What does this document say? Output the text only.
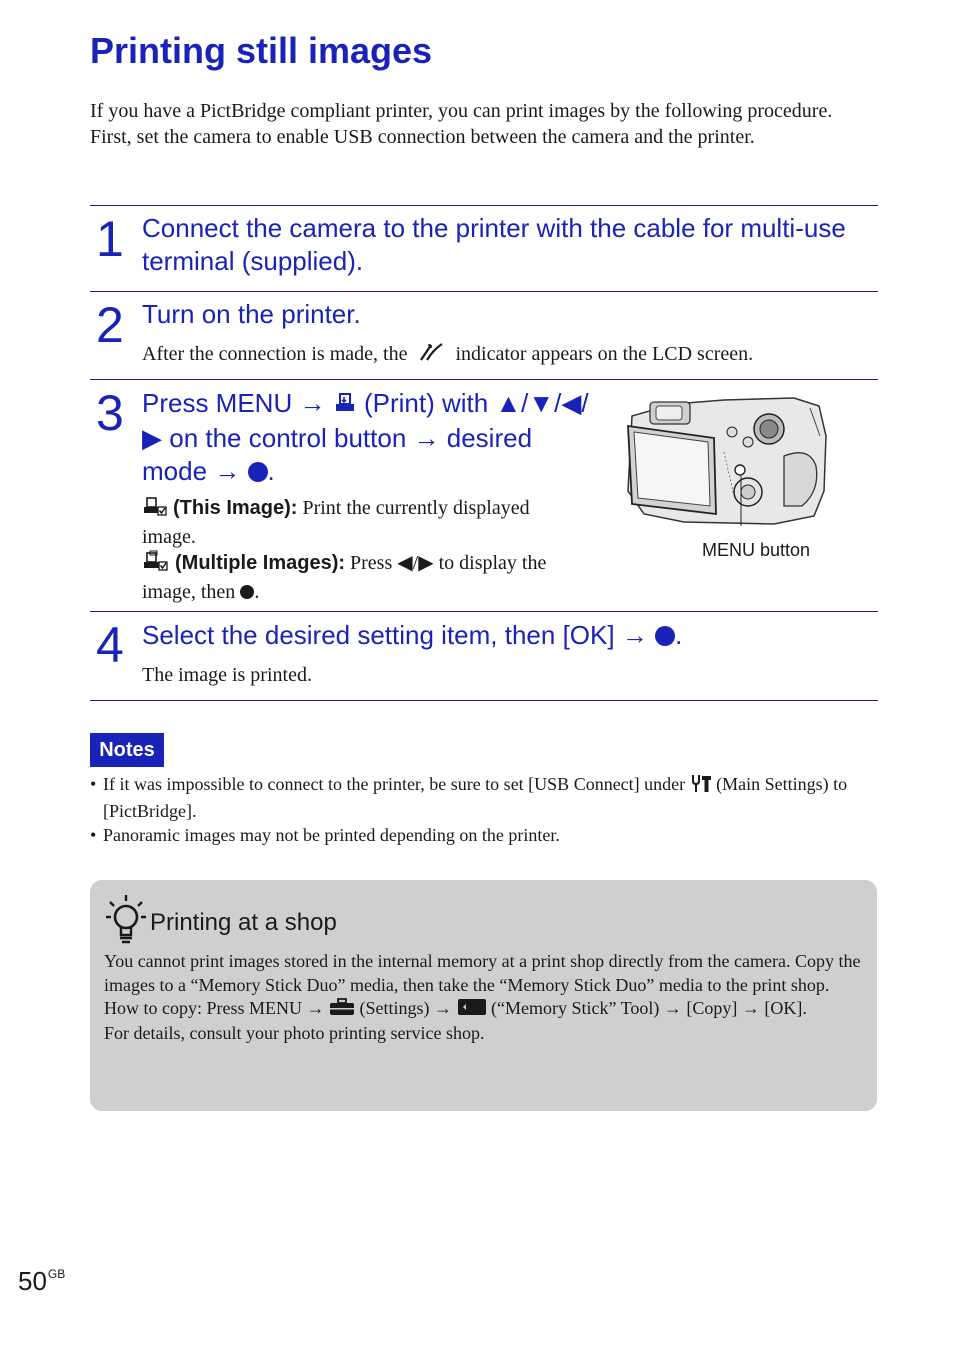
Printing still images

If you have a PictBridge compliant printer, you can print images by the following procedure.

First, set the camera to enable USB connection between the camera and the printer.

1 Connect the camera to the printer with the cable for multi-use terminal (supplied).
2 Turn on the printer.
After the connection is made, the indicator appears on the LCD screen.
3 Press MENU → (Print) with ▲/▼/◀/▶ on the control button → desired mode → .
(This Image): Print the currently displayed image.
(Multiple Images): Press ◀/▶ to display the image, then .
MENU button
4 Select the desired setting item, then [OK] → .
The image is printed.
Notes
• If it was impossible to connect to the printer, be sure to set [USB Connect] under (Main Settings) to [PictBridge].
• Panoramic images may not be printed depending on the printer.
Printing at a shop

You cannot print images stored in the internal memory at a print shop directly from the camera. Copy the images to a “Memory Stick Duo” media, then take the “Memory Stick Duo” media to the print shop.

How to copy: Press MENU → (Settings) → (“Memory Stick” Tool) → [Copy] → [OK].

For details, consult your photo printing service shop.

$50^{GB}$
